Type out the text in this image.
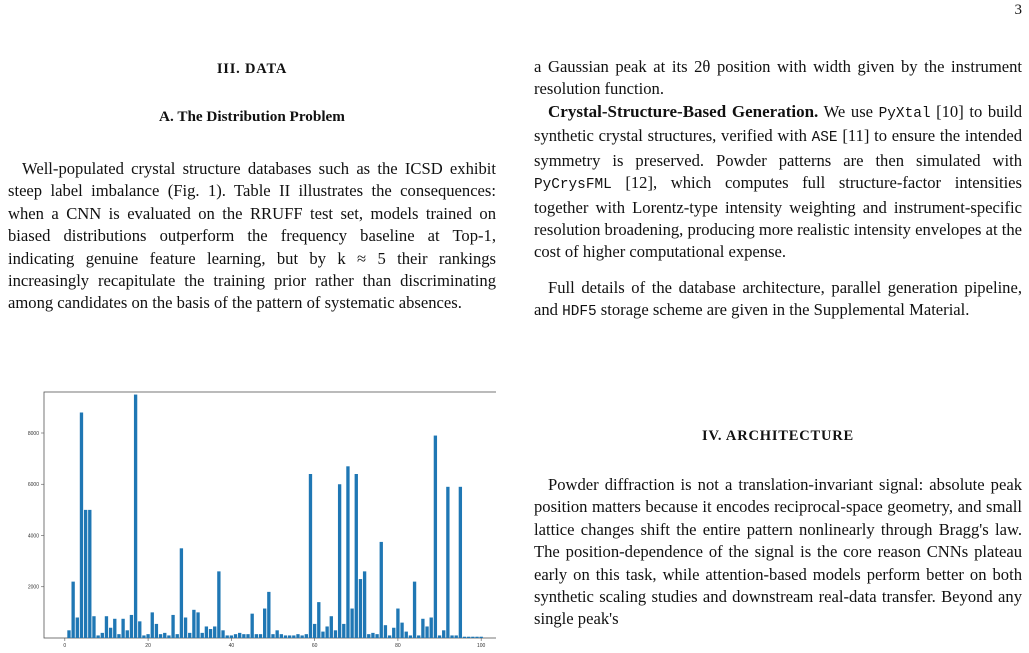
3
III. DATA
A. The Distribution Problem

Well-populated crystal structure databases such as the ICSD exhibit steep label imbalance (Fig. 1). Table II illustrates the consequences: when a CNN is evaluated on the RRUFF test set, models trained on biased distributions outperform the frequency baseline at Top-1, indicating genuine feature learning, but by k ≈ 5 their rankings increasingly recapitulate the training prior rather than discriminating among candidates on the basis of the pattern of systematic absences.

0	20	40	60	80	100
2000
4000
6000
8000

a Gaussian peak at its 2θ position with width given by the instrument resolution function.

Crystal-Structure-Based Generation. We use PyXtal [10] to build synthetic crystal structures, verified with ASE [11] to ensure the intended symmetry is preserved. Powder patterns are then simulated with PyCrysFML [12], which computes full structure-factor intensities together with Lorentz-type intensity weighting and instrument-specific resolution broadening, producing more realistic intensity envelopes at the cost of higher computational expense.

Full details of the database architecture, parallel generation pipeline, and HDF5 storage scheme are given in the Supplemental Material.

IV. ARCHITECTURE

Powder diffraction is not a translation-invariant signal: absolute peak position matters because it encodes reciprocal-space geometry, and small lattice changes shift the entire pattern nonlinearly through Bragg's law. The position-dependence of the signal is the core reason CNNs plateau early on this task, while attention-based models perform better on both synthetic scaling studies and downstream real-data transfer. Beyond any single peak's
